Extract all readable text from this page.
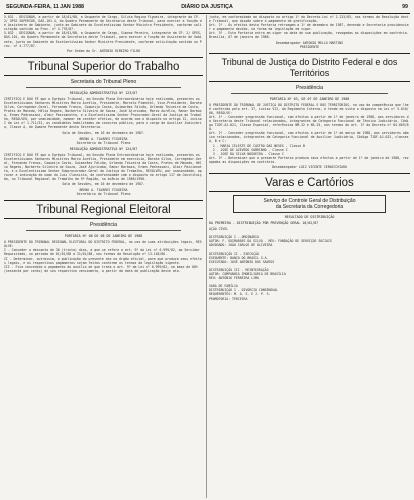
SEGUNDA-FEIRA, 11 JAN 1988	DIÁRIO DA JUSTIÇA	99

5.031 - DESIGNAR, a partir de 18/01/88, a Ocupante de Cargo, Silvia Regina Figueira, integrante da CP- 2/ GPSS SUPERIOR, DAS-101.4, do Quadro Permanente da Secretaria deste Tribunal, para exercer a função de Assistente de Gabinete, junto ao Gabinete do Excelentíssimo Senhor Ministro Presidente, conforme solicitação contida no Proc. nº 4.776/87.
5.032 - DESIGNAR, a partir de 18/01/88, a Ocupante de Cargo, Simone Pereira, integrante da CP- 2/ GPSS, DAS-101, do Quadro Permanente da Secretaria deste Tribunal, para exercer a função de Assistente de Gabinete, junto ao Gabinete do Excelentíssimo Senhor Ministro Presidente, conforme solicitação contida no Proc. nº 4.777/87.

Por Ordem do Sr. ANTONIO RIBEIRO FILHO
Tribunal Superior do Trabalho
Secretaria do Tribunal Pleno
RESOLUÇÃO ADMINISTRATIVA Nº 123/87

CERTIFICO E DOU FÉ que o Egrégio Tribunal, em Sessão Plena Extraordinária hoje realizada, presentes os Excelentíssimos Senhores Ministros Marco Aurélio, Presidente, Marcelo Pimentel, Vice-Presidente, Barata Silva, Corregedor-Geral, Fernando Franco, Coqueijo Costa, Guimarães Falcão, Orlando Teixeira da Costa, Prates de Macedo, Hélio Regato, Norberto Silveira de Souza, José Ajuricaba, Marco Aurélio, Ranor Barbosa, Ermes Pedrassani, Almir Pazzianotto, e o Excelentíssimo Senhor Procurador-Geral da Justiça do Trabalho, RESOLVEU, por unanimidade, nomear em caráter efetivo, de acordo com o disposto no artigo 12, inciso I da Lei nº 1.711/52, os candidatos habilitados em concurso público, para o cargo de Auxiliar Judiciário, Classe A, do Quadro Permanente desta Secretaria.

Sala de Sessões, em 16 de dezembro de 1987.
BRENO A. TAVARES FIGUEIRA
Secretário do Tribunal Pleno
RESOLUÇÃO ADMINISTRATIVA Nº 124/87

CERTIFICO E DOU FÉ que o Egrégio Tribunal, em Sessão Plena Extraordinária hoje realizada, presentes os Excelentíssimos Senhores Ministros Marco Aurélio, Presidente em exercício, Barata Silva, Corregedor-Geral, Fernando Franco, Coqueijo Costa, Guimarães Falcão, Orlando Teixeira da Costa, Prates de Macedo, Hélio Regato, Norberto Silveira de Souza, José Ajuricaba, Ranor Barbosa, Ermes Pedrassani, Almir Pazzianotto, e o Excelentíssimo Senhor Subprocurador-Geral da Justiça do Trabalho, RESOLVEU, por unanimidade, aprovar a indicação do nome do Juiz Classista, de conformidade com o disposto no artigo 117 da Constituição, no Tribunal Regional do Trabalho da 9ª Região, no biênio de 1988/1990.

Sala de Sessões, em 16 de dezembro de 1987.
BRENO A. TAVARES FIGUEIRA
Secretário do Tribunal Pleno
Tribunal Regional Eleitoral
Presidência
PORTARIA Nº 08 DE 08 DE JANEIRO DE 1988

O PRESIDENTE DO TRIBUNAL REGIONAL ELEITORAL DO DISTRITO FEDERAL, no uso de suas atribuições legais, RESOLVE:
I - Conceder o desconto de 30 (trinta) dias, a que se refere o art. 9º da Lei nº 6.999/82, ao Servidor Requisitado, no período de 01/01/88 a 31/01/88, nos termos da Resolução nº 13.148/86.
II - Determinar, outrossim, a publicação do presente ato no órgão oficial, para que produza seus efeitos legais, e os respectivos pagamentos sejam feitos conforme os termos da legislação vigente.
III - Fica concedido o pagamento do auxílio de que trata o art. 9º da Lei nº 6.999/82, na base de 60% (sessenta por cento) de seu respectivo vencimento, a partir da data de publicação deste ato.

junto, em conformidade ao disposto no artigo 1º do Decreto-Lei nº 2.225/85, nos termos da Resolução deste Tribunal, que dispõe sobre o pagamento de gratificação.
Art. 2º - Os efeitos desta Portaria retroagem a 1º de dezembro de 1987, devendo a Secretaria providenciar o pagamento devido, na forma da legislação em vigor.
Art. 3º - Esta Portaria entra em vigor na data de sua publicação, revogadas as disposições em contrário.
Brasília, 07 de janeiro de 1988.

Desembargador ANTONIO MELLO MARTINS
PRESIDENTE
Tribunal de Justiça do Distrito Federal e dos Territórios
Presidência
PORTARIA Nº 03, DE 07 DE JANEIRO DE 1988

O PRESIDENTE DO TRIBUNAL DE JUSTIÇA DO DISTRITO FEDERAL E DOS TERRITÓRIOS, no uso da competência que lhe é conferida pelo art. 37, inciso VII, do Regimento Interno, e tendo em vista o disposto na Lei nº 5.010/66, RESOLVE:
Art. 1º - Conceder progressão funcional, com efeitos a partir de 1º de janeiro de 1988, aos servidores da Secretaria deste Tribunal relacionados, integrantes da Categoria Funcional de Técnico Judiciário, Código TJDF-AJ-021, Classe Especial, referências NM-32 e NS-25, nos termos do art. 3º do Decreto nº 84.669/80.
Art. 2º - Conceder progressão funcional, com efeitos a partir de 1º de março de 1988, aos servidores abaixo relacionados, integrantes da Categoria Funcional de Auxiliar Judiciário, Código TJDF-AJ-022, classes A, B e C:
1 - MARIA CELESTE DE CASTRO DAS NEVES - Classe B
2 - JOSÉ DE AZEVEDO SOBRINHO - Classe C
3 - JOSÉ DA SILVA NOGUEIRA - Classe C
Art. 3º - Determinar que a presente Portaria produza seus efeitos a partir de 1º de janeiro de 1988, revogadas as disposições em contrário.

Desembargador LUIZ VICENTE CERNICCHIARO
Varas e Cartórios
Serviço de Controle Geral de Distribuição
da Secretaria da Corregedoria
RESULTADO DE DISTRIBUIÇÃO
DA PRIMEIRA - DISTRIBUIÇÃO POR PREVENÇÃO GERAL 10/02/87
AÇÃO CÍVEL

DISTRIBUIÇÃO I - ORDINÁRIA
AUTOR: F. GUIMARÃES DA SILVA - RÉU: FUNDAÇÃO DE SERVIÇOS SOCIAIS
ADVOGADO: JOÃO CARLOS DE OLIVEIRA

DISTRIBUIÇÃO II - EXECUÇÃO
EXEQUENTE: BANCO DO BRASIL S.A.
EXECUTADO: JOSÉ ANTÔNIO DOS SANTOS

DISTRIBUIÇÃO III - REINTEGRAÇÃO
AUTOR: COMPANHIA IMOBILIÁRIA DE BRASÍLIA
RÉU: ANTÔNIO FERREIRA LIMA

VARA DE FAMÍLIA
DISTRIBUIÇÃO I - DIVÓRCIO CONSENSUAL
REQUERENTES: M. A. S. E J. P. S.
PROMOTORIA: TERCEIRA
